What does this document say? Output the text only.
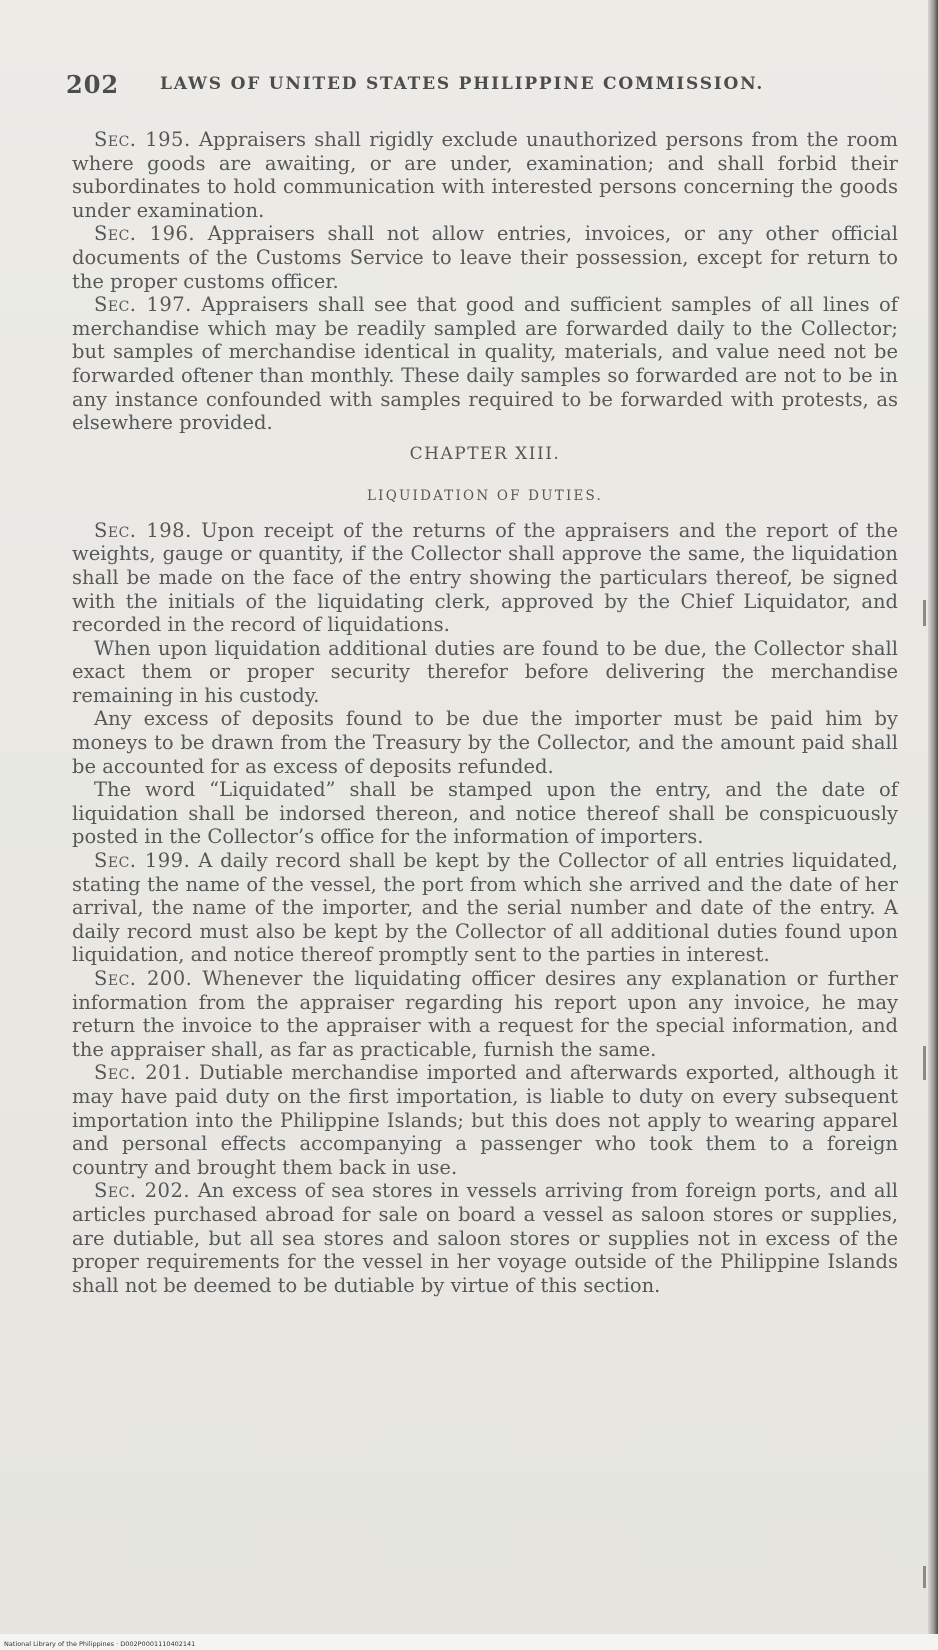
202 LAWS OF UNITED STATES PHILIPPINE COMMISSION.

Sec. 195. Appraisers shall rigidly exclude unauthorized persons from the room where goods are awaiting, or are under, examination; and shall forbid their subordinates to hold communication with interested persons concerning the goods under examination.

Sec. 196. Appraisers shall not allow entries, invoices, or any other official documents of the Customs Service to leave their possession, except for return to the proper customs officer.

Sec. 197. Appraisers shall see that good and sufficient samples of all lines of merchandise which may be readily sampled are forwarded daily to the Collector; but samples of merchandise identical in quality, materials, and value need not be forwarded oftener than monthly. These daily samples so forwarded are not to be in any instance confounded with samples required to be forwarded with protests, as elsewhere provided.

CHAPTER XIII.

LIQUIDATION OF DUTIES.

Sec. 198. Upon receipt of the returns of the appraisers and the report of the weights, gauge or quantity, if the Collector shall approve the same, the liquidation shall be made on the face of the entry showing the particulars thereof, be signed with the initials of the liquidating clerk, approved by the Chief Liquidator, and recorded in the record of liquidations.

When upon liquidation additional duties are found to be due, the Collector shall exact them or proper security therefor before delivering the merchandise remaining in his custody.

Any excess of deposits found to be due the importer must be paid him by moneys to be drawn from the Treasury by the Collector, and the amount paid shall be accounted for as excess of deposits refunded.

The word “Liquidated” shall be stamped upon the entry, and the date of liquidation shall be indorsed thereon, and notice thereof shall be conspicuously posted in the Collector’s office for the information of importers.

Sec. 199. A daily record shall be kept by the Collector of all entries liquidated, stating the name of the vessel, the port from which she arrived and the date of her arrival, the name of the importer, and the serial number and date of the entry. A daily record must also be kept by the Collector of all additional duties found upon liquidation, and notice thereof promptly sent to the parties in interest.

Sec. 200. Whenever the liquidating officer desires any explanation or further information from the appraiser regarding his report upon any invoice, he may return the invoice to the appraiser with a request for the special information, and the appraiser shall, as far as practicable, furnish the same.

Sec. 201. Dutiable merchandise imported and afterwards exported, although it may have paid duty on the first importation, is liable to duty on every subsequent importation into the Philippine Islands; but this does not apply to wearing apparel and personal effects accompanying a passenger who took them to a foreign country and brought them back in use.

Sec. 202. An excess of sea stores in vessels arriving from foreign ports, and all articles purchased abroad for sale on board a vessel as saloon stores or supplies, are dutiable, but all sea stores and saloon stores or supplies not in excess of the proper requirements for the vessel in her voyage outside of the Philippine Islands shall not be deemed to be dutiable by virtue of this section.

National Library of the Philippines · D002P0001110402141
